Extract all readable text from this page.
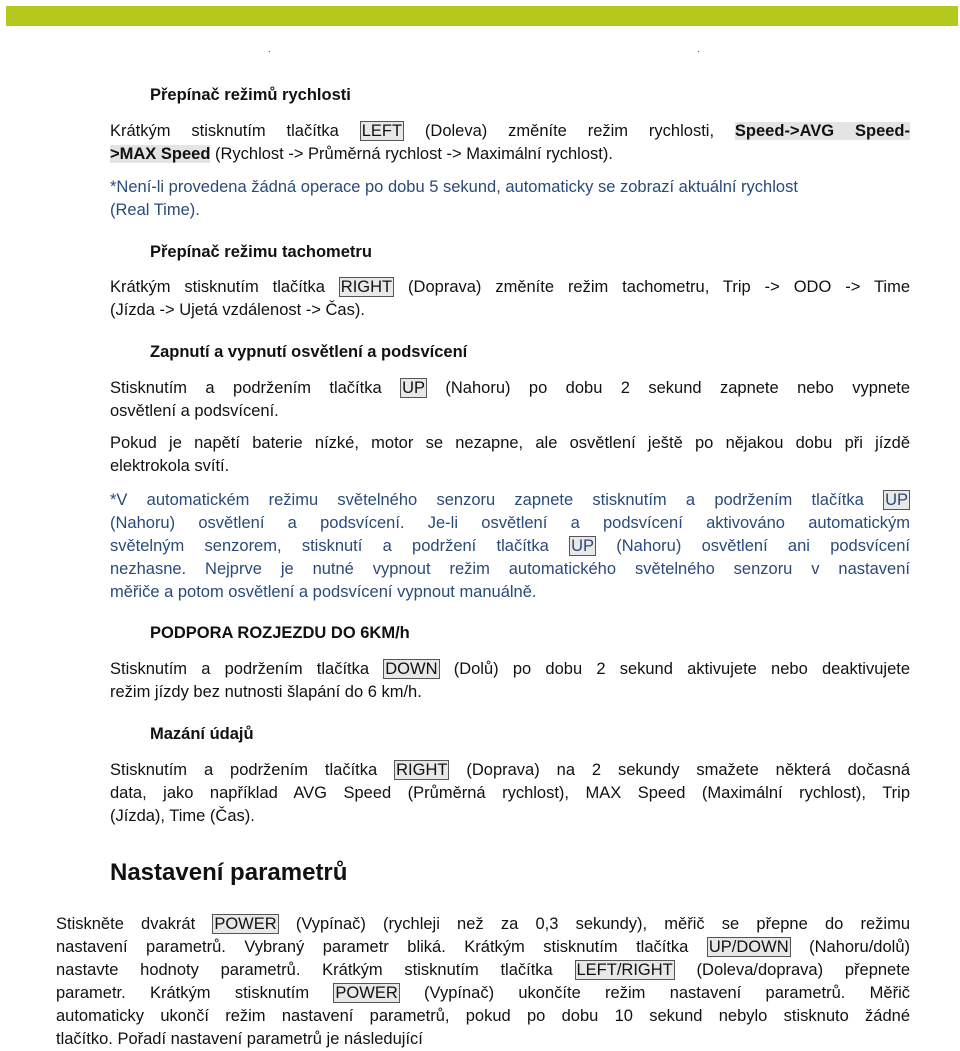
.	.
Přepínač režimů rychlosti
Krátkým stisknutím tlačítka LEFT (Doleva) změníte režim rychlosti, Speed->AVG Speed-
>MAX Speed (Rychlost -> Průměrná rychlost -> Maximální rychlost).
*Není-li provedena žádná operace po dobu 5 sekund, automaticky se zobrazí aktuální rychlost
(Real Time).
Přepínač režimu tachometru
Krátkým stisknutím tlačítka RIGHT (Doprava) změníte režim tachometru, Trip -> ODO -> Time
(Jízda -> Ujetá vzdálenost -> Čas).
Zapnutí a vypnutí osvětlení a podsvícení
Stisknutím a podržením tlačítka UP (Nahoru) po dobu 2 sekund zapnete nebo vypnete
osvětlení a podsvícení.
Pokud je napětí baterie nízké, motor se nezapne, ale osvětlení ještě po nějakou dobu při jízdě
elektrokola svítí.
*V automatickém režimu světelného senzoru zapnete stisknutím a podržením tlačítka UP
(Nahoru) osvětlení a podsvícení. Je-li osvětlení a podsvícení aktivováno automatickým
světelným senzorem, stisknutí a podržení tlačítka UP (Nahoru) osvětlení ani podsvícení
nezhasne. Nejprve je nutné vypnout režim automatického světelného senzoru v nastavení
měřiče a potom osvětlení a podsvícení vypnout manuálně.
PODPORA ROZJEZDU DO 6KM/h
Stisknutím a podržením tlačítka DOWN (Dolů) po dobu 2 sekund aktivujete nebo deaktivujete
režim jízdy bez nutnosti šlapání do 6 km/h.
Mazání údajů
Stisknutím a podržením tlačítka RIGHT (Doprava) na 2 sekundy smažete některá dočasná
data, jako například AVG Speed (Průměrná rychlost), MAX Speed (Maximální rychlost), Trip
(Jízda), Time (Čas).
Nastavení parametrů
Stiskněte dvakrát POWER (Vypínač) (rychleji než za 0,3 sekundy), měřič se přepne do režimu
nastavení parametrů. Vybraný parametr bliká. Krátkým stisknutím tlačítka UP/DOWN (Nahoru/dolů)
nastavte hodnoty parametrů. Krátkým stisknutím tlačítka LEFT/RIGHT (Doleva/doprava) přepnete
parametr. Krátkým stisknutím POWER (Vypínač) ukončíte režim nastavení parametrů. Měřič
automaticky ukončí režim nastavení parametrů, pokud po dobu 10 sekund nebylo stisknuto žádné
tlačítko. Pořadí nastavení parametrů je následující
